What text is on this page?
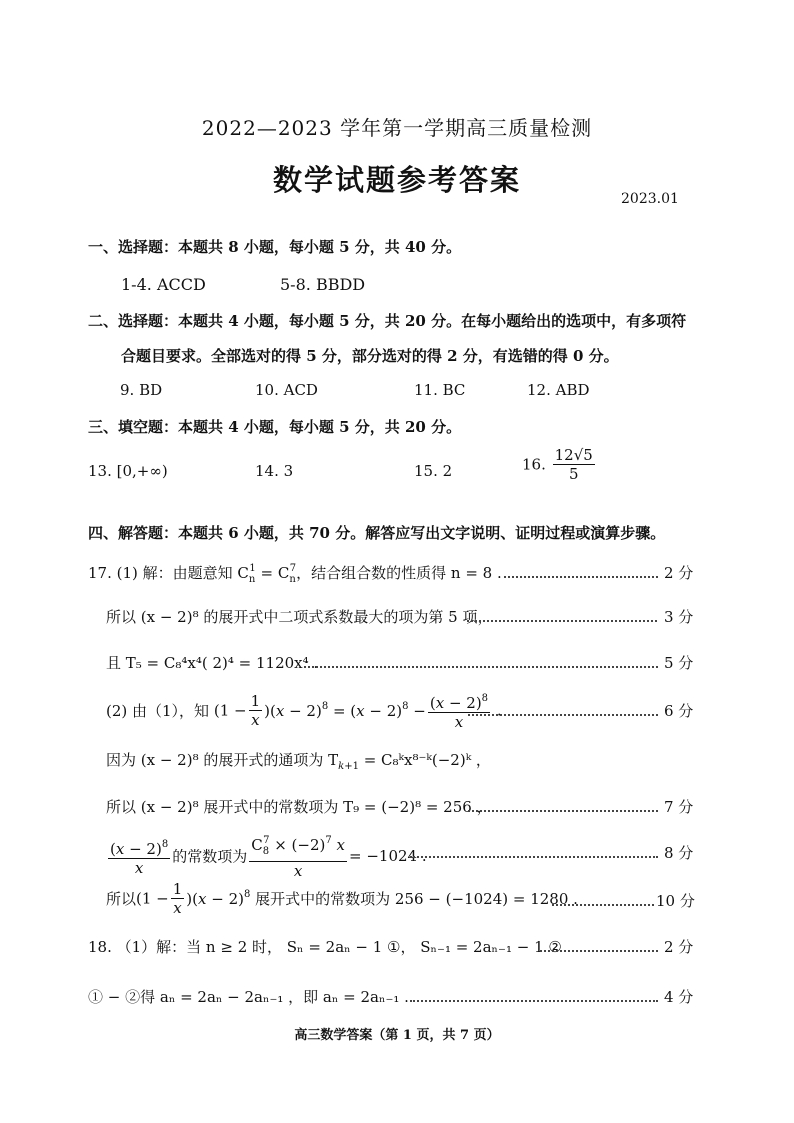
2022—2023 学年第一学期高三质量检测
数学试题参考答案
2023.01
一、选择题：本题共 8 小题，每小题 5 分，共 40 分。
1-4. ACCD	5-8. BBDD
二、选择题：本题共 4 小题，每小题 5 分，共 20 分。在每小题给出的选项中，有多项符
合题目要求。全部选对的得 5 分，部分选对的得 2 分，有选错的得 0 分。
9. BD	10. ACD	11. BC	12. ABD
三、填空题：本题共 4 小题，每小题 5 分，共 20 分。
13. [0,+∞)	14. 3	15. 2	16. $\frac{12√5}{5}$
四、解答题：本题共 6 小题，共 70 分。解答应写出文字说明、证明过程或演算步骤。
17. (1) 解：由题意知 $C_n^1 = C_n^7$，结合组合数的性质得 n = 8 .	2 分
所以 (x − 2)⁸ 的展开式中二项式系数最大的项为第 5 项，	3 分
且 T₅ = C₈⁴x⁴( 2)⁴ = 1120x⁴ .	5 分
(2) 由（1），知 $(1 - \frac{1}{x} )(x - 2)^8 = (x - 2)^8 - \frac{(x - 2)^8}{x}$ .	6 分
因为 (x − 2)⁸ 的展开式的通项为 $T_{k+1}$ = C₈ᵏx⁸⁻ᵏ(−2)ᵏ ，
所以 (x − 2)⁸ 展开式中的常数项为 T₉ = (−2)⁸ = 256 ，	7 分
$\frac{(x - 2)^8}{x}$ 的常数项为 $\frac{C_8^7 \times (-2)^7 x}{x} = -1024$ .	8 分
所以$(1 - \frac{1}{x} )(x - 2)^8$ 展开式中的常数项为 256 − (−1024) = 1280 .	10 分
18. （1）解：当 n ≥ 2 时， Sₙ = 2aₙ − 1 ①， Sₙ₋₁ = 2aₙ₋₁ − 1 ②	2 分
① − ②得 aₙ = 2aₙ − 2aₙ₋₁ ，即 aₙ = 2aₙ₋₁ .	4 分
高三数学答案（第 1 页，共 7 页）
